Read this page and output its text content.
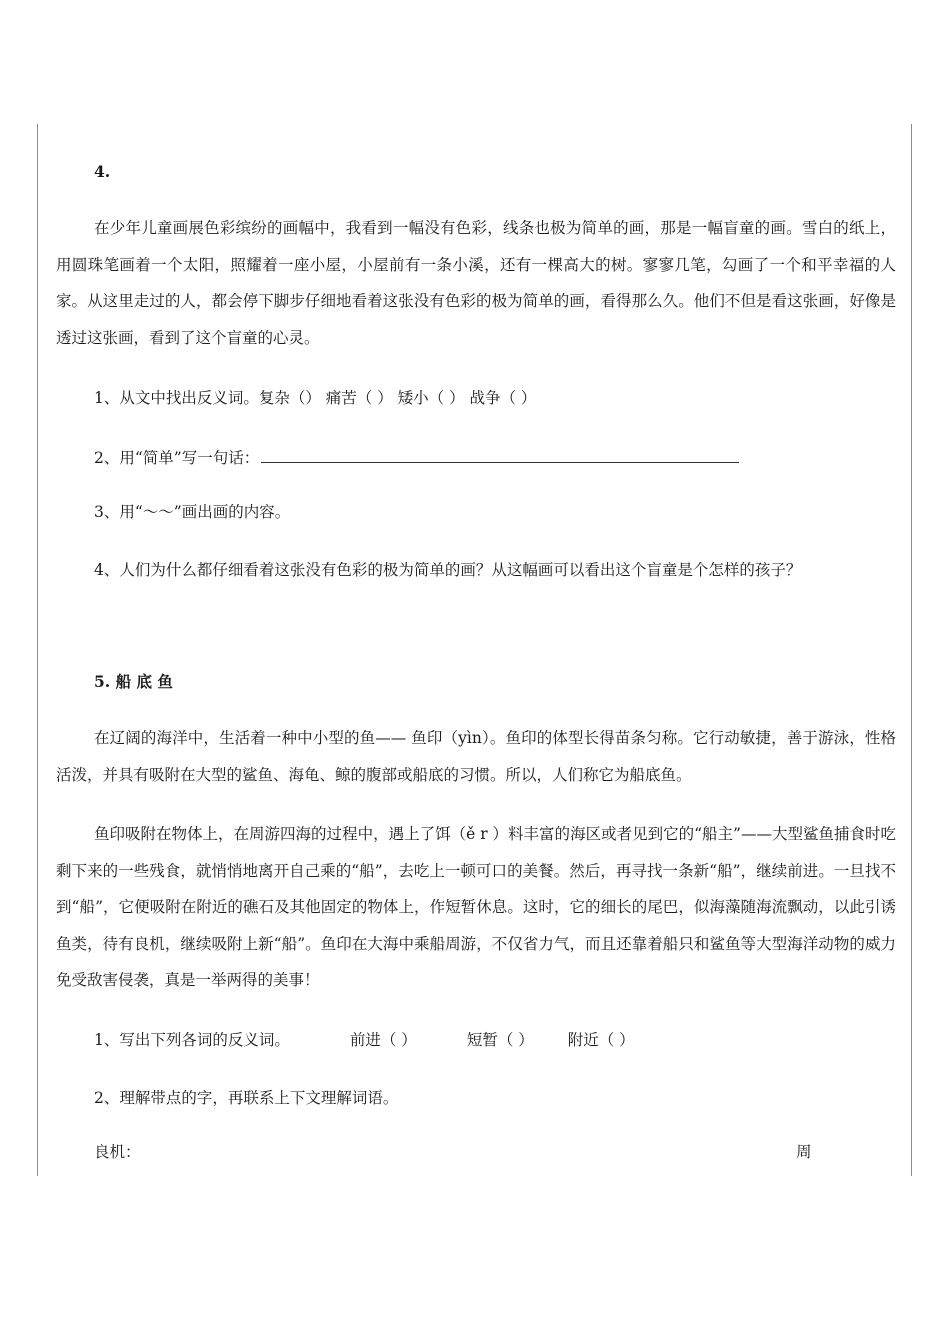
4.
在少年儿童画展色彩缤纷的画幅中，我看到一幅没有色彩，线条也极为简单的画，那是一幅盲童的画。雪白的纸上，用圆珠笔画着一个太阳，照耀着一座小屋，小屋前有一条小溪，还有一棵高大的树。寥寥几笔，勾画了一个和平幸福的人家。从这里走过的人，都会停下脚步仔细地看着这张没有色彩的极为简单的画，看得那么久。他们不但是看这张画，好像是透过这张画，看到了这个盲童的心灵。
1、从文中找出反义词。复杂（） 痛苦（ ） 矮小（ ） 战争（ ）
2、用“简单”写一句话：
3、用“～～”画出画的内容。
4、人们为什么都仔细看着这张没有色彩的极为简单的画？从这幅画可以看出这个盲童是个怎样的孩子？
5. 船 底 鱼
在辽阔的海洋中，生活着一种中小型的鱼—— 鱼印（yìn）。鱼印的体型长得苗条匀称。它行动敏捷，善于游泳，性格活泼，并具有吸附在大型的鲨鱼、海龟、鲸的腹部或船底的习惯。所以，人们称它为船底鱼。
鱼印吸附在物体上，在周游四海的过程中，遇上了饵（ě r ）料丰富的海区或者见到它的“船主”——大型鲨鱼捕食时吃剩下来的一些残食，就悄悄地离开自己乘的“船”，去吃上一顿可口的美餐。然后，再寻找一条新“船”，继续前进。一旦找不到“船”，它便吸附在附近的礁石及其他固定的物体上，作短暂休息。这时，它的细长的尾巴，似海藻随海流飘动，以此引诱鱼类，待有良机，继续吸附上新“船”。鱼印在大海中乘船周游，不仅省力气，而且还靠着船只和鲨鱼等大型海洋动物的威力免受敌害侵袭，真是一举两得的美事！
1、写出下列各词的反义词。	前进（ ）	短暂（ ） 附近（ ）
2、理解带点的字，再联系上下文理解词语。
良机：	周
